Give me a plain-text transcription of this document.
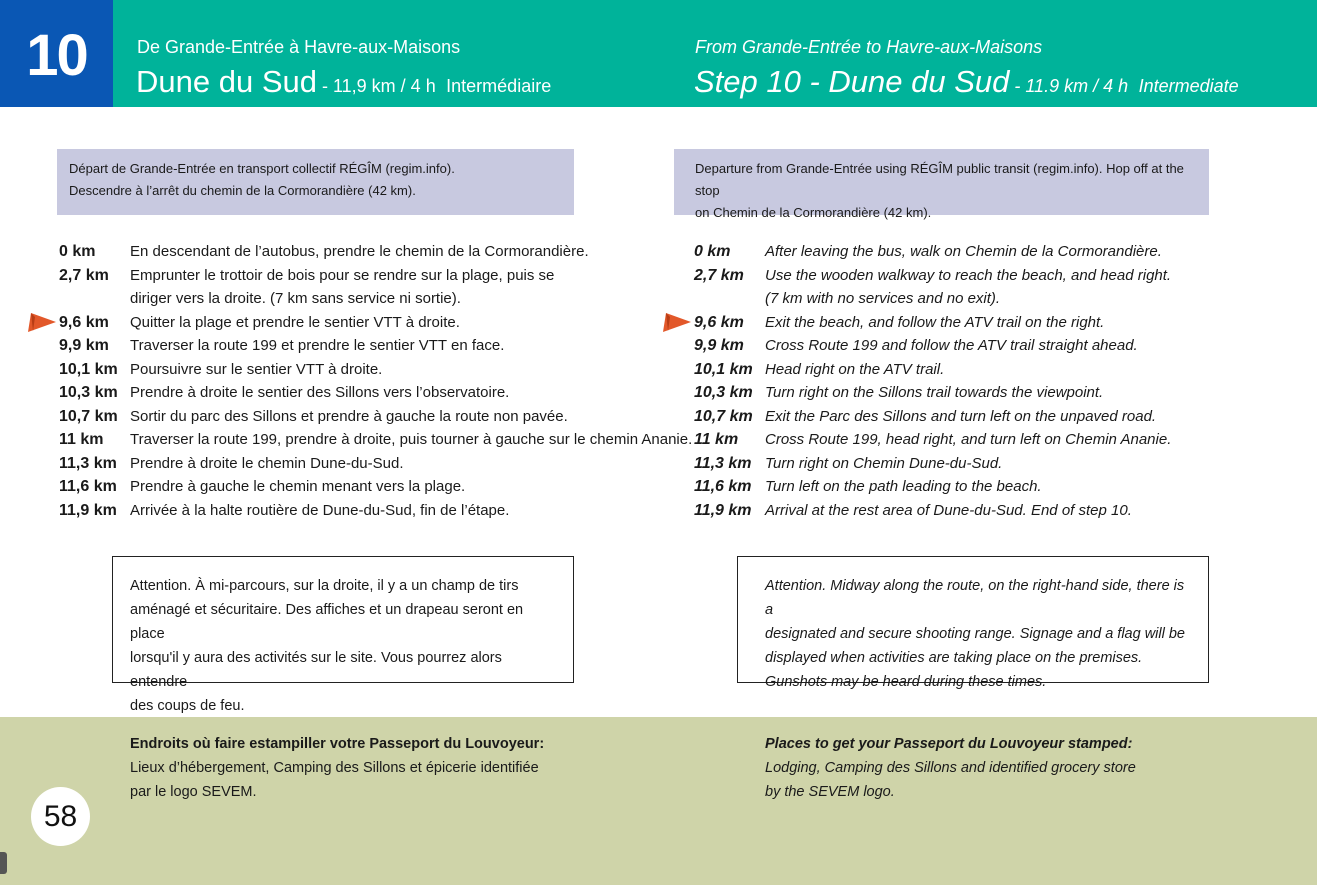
10	De Grande-Entrée à Havre-aux-Maisons
Dune du Sud - 11,9 km / 4 h Intermédiaire
From Grande-Entrée to Havre-aux-Maisons
Step 10 - Dune du Sud - 11.9 km / 4 h Intermediate
Départ de Grande-Entrée en transport collectif RÉGÎM (regim.info).
Descendre à l’arrêt du chemin de la Cormorandière (42 km).
Departure from Grande-Entrée using RÉGÎM public transit (regim.info). Hop off at the stop
on Chemin de la Cormorandière (42 km).
0 km En descendant de l’autobus, prendre le chemin de la Cormorandière.
2,7 km Emprunter le trottoir de bois pour se rendre sur la plage, puis se
diriger vers la droite. (7 km sans service ni sortie).
9,6 km Quitter la plage et prendre le sentier VTT à droite.
9,9 km Traverser la route 199 et prendre le sentier VTT en face.
10,1 km Poursuivre sur le sentier VTT à droite.
10,3 km Prendre à droite le sentier des Sillons vers l’observatoire.
10,7 km Sortir du parc des Sillons et prendre à gauche la route non pavée.
11 km Traverser la route 199, prendre à droite, puis tourner à gauche sur le chemin Ananie.
11,3 km Prendre à droite le chemin Dune-du-Sud.
11,6 km Prendre à gauche le chemin menant vers la plage.
11,9 km Arrivée à la halte routière de Dune-du-Sud, fin de l’étape.
0 km After leaving the bus, walk on Chemin de la Cormorandière.
2,7 km Use the wooden walkway to reach the beach, and head right.
(7 km with no services and no exit).
9,6 km Exit the beach, and follow the ATV trail on the right.
9,9 km Cross Route 199 and follow the ATV trail straight ahead.
10,1 km Head right on the ATV trail.
10,3 km Turn right on the Sillons trail towards the viewpoint.
10,7 km Exit the Parc des Sillons and turn left on the unpaved road.
11 km Cross Route 199, head right, and turn left on Chemin Ananie.
11,3 km Turn right on Chemin Dune-du-Sud.
11,6 km Turn left on the path leading to the beach.
11,9 km Arrival at the rest area of Dune-du-Sud. End of step 10.
Attention. À mi-parcours, sur la droite, il y a un champ de tirs
aménagé et sécuritaire. Des affiches et un drapeau seront en place
lorsqu'il y aura des activités sur le site. Vous pourrez alors entendre
des coups de feu.
Attention. Midway along the route, on the right-hand side, there is a
designated and secure shooting range. Signage and a flag will be
displayed when activities are taking place on the premises.
Gunshots may be heard during these times.
Endroits où faire estampiller votre Passeport du Louvoyeur:
Lieux d’hébergement, Camping des Sillons et épicerie identifiée
par le logo SEVEM.
Places to get your Passeport du Louvoyeur stamped:
Lodging, Camping des Sillons and identified grocery store
by the SEVEM logo.
58
